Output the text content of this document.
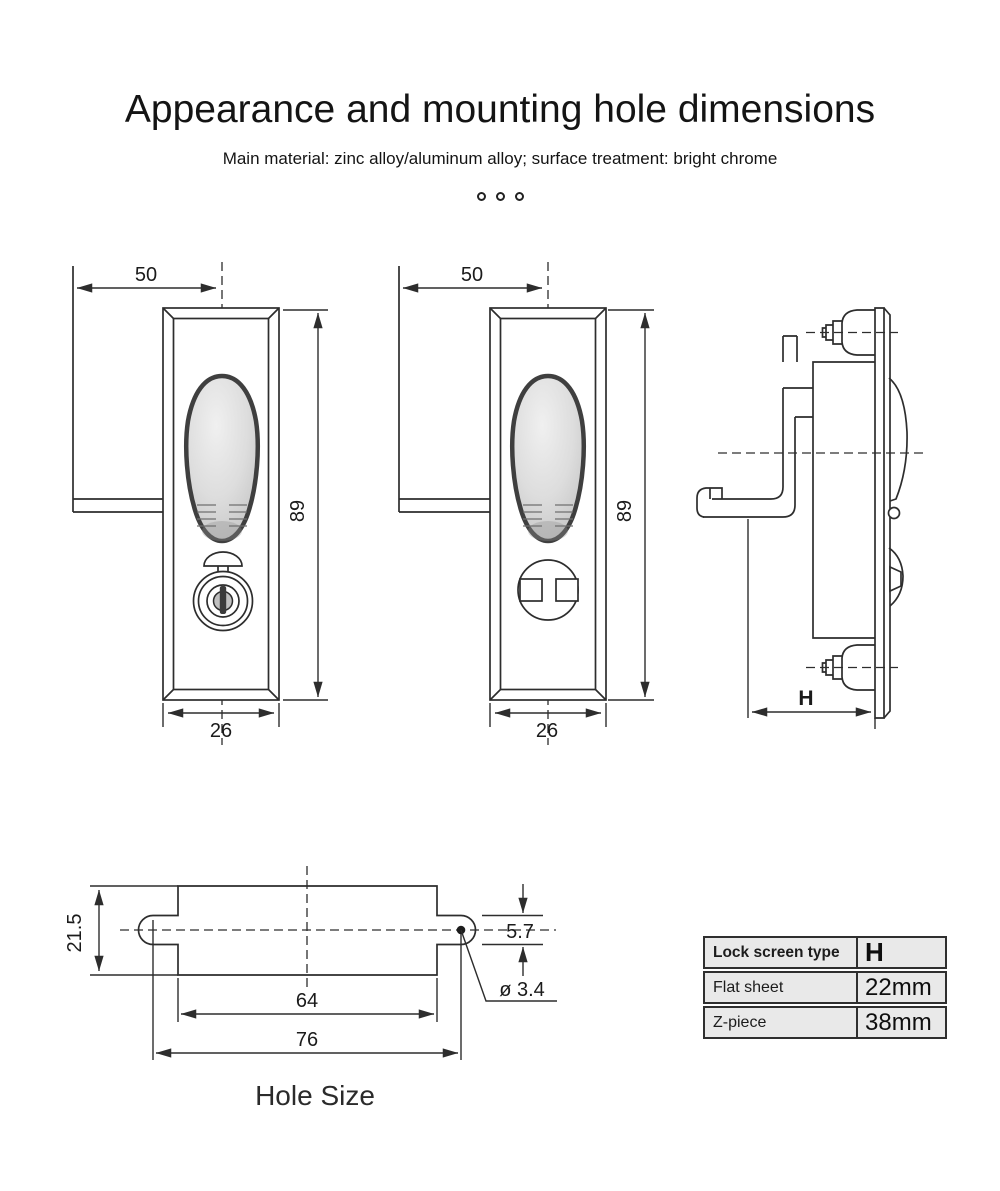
50
89
26
50
89
26
H
21.5
64
76
5.7
ø 3.4
Appearance and mounting hole dimensions
Main material: zinc alloy/aluminum alloy; surface treatment: bright chrome
Hole Size
Lock screen type H
Flat sheet	22mm
Z-piece	38mm
